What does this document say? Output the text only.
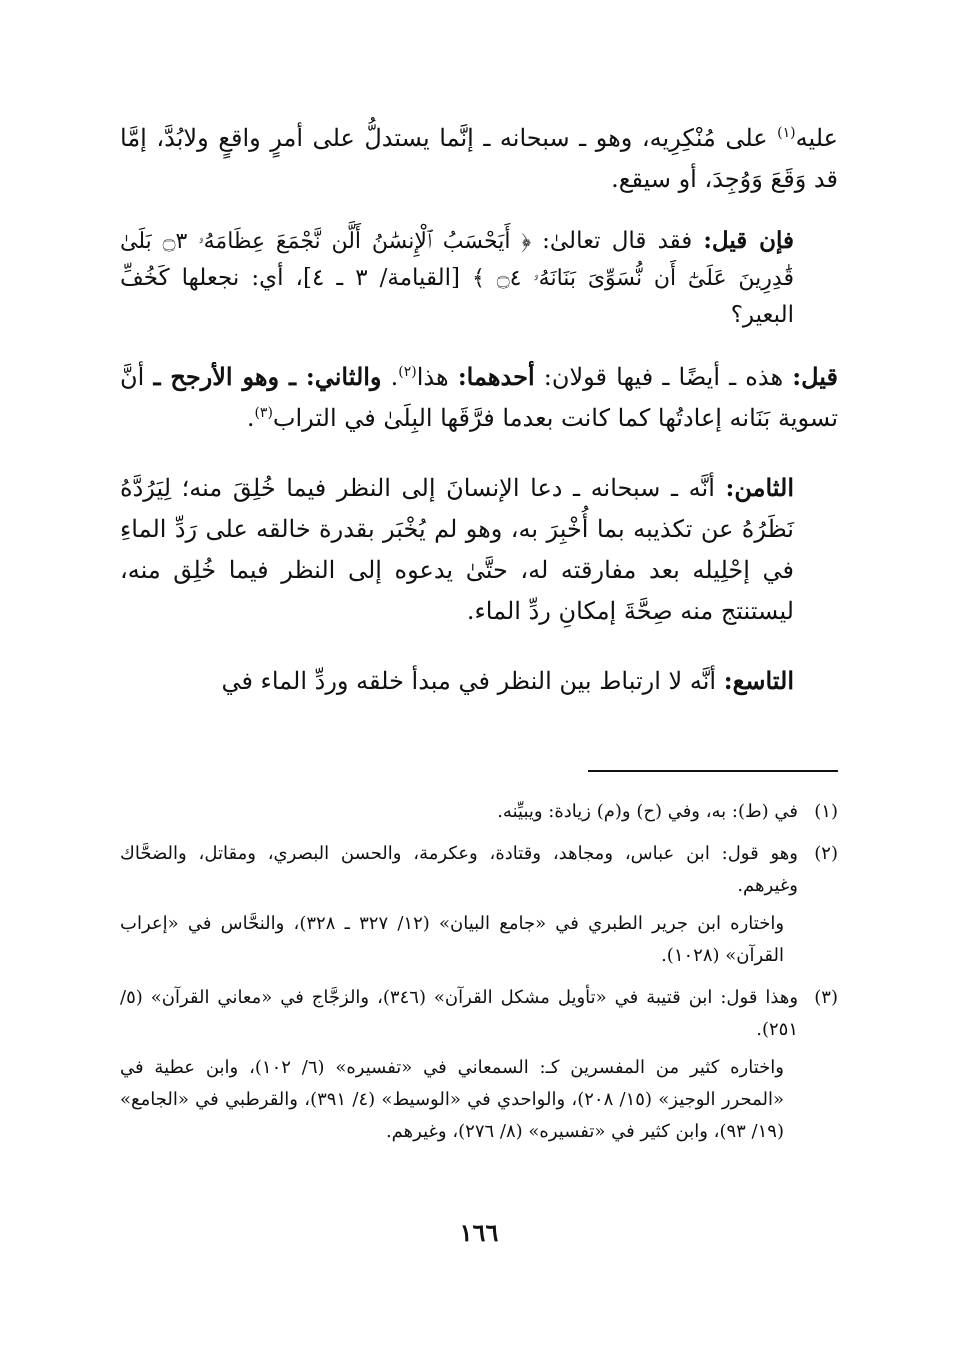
عليه$^{(١)}$ على مُنْكِرِيه، وهو ـ سبحانه ـ إنَّما يستدلُّ على أمرٍ واقعٍ ولابُدَّ، إمَّا قد وَقَعَ وَوُجِدَ، أو سيقع.

فإن قيل: فقد قال تعالىٰ: ﴿ أَيَحْسَبُ ٱلْإِنسَٰنُ أَلَّن نَّجْمَعَ عِظَامَهُۥ ۝٣ بَلَىٰ قَٰدِرِينَ عَلَىٰٓ أَن نُّسَوِّىَ بَنَانَهُۥ ۝٤ ﴾ [القيامة/ ٣ ـ ٤]، أي: نجعلها كَخُفِّ البعير؟

قيل: هذه ـ أيضًا ـ فيها قولان: أحدهما: هذا$^{(٢)}$. والثاني: ـ وهو الأرجح ـ أنَّ تسوية بَنَانه إعادتُها كما كانت بعدما فرَّقَها البِلَىٰ في التراب$^{(٣)}$.

الثامن: أنَّه ـ سبحانه ـ دعا الإنسانَ إلى النظر فيما خُلِقَ منه؛ لِيَرُدَّهُ نَظَرُهُ عن تكذيبه بما أُخْبِرَ به، وهو لم يُخْبَر بقدرة خالقه على رَدِّ الماءِ في إحْلِيله بعد مفارقته له، حتَّىٰ يدعوه إلى النظر فيما خُلِق منه، ليستنتج منه صِحَّةَ إمكانِ ردِّ الماء.

التاسع: أنَّه لا ارتباط بين النظر في مبدأ خلقه وردِّ الماء في

(١)

في (ط): به، وفي (ح) و(م) زيادة: ويبيِّنه.

(٢)

وهو قول: ابن عباس، ومجاهد، وقتادة، وعكرمة، والحسن البصري، ومقاتل، والضحَّاك وغيرهم.

واختاره ابن جرير الطبري في «جامع البيان» (١٢/ ٣٢٧ ـ ٣٢٨)، والنحَّاس في «إعراب القرآن» (١٠٢٨).

(٣)

وهذا قول: ابن قتيبة في «تأويل مشكل القرآن» (٣٤٦)، والزجَّاج في «معاني القرآن» (٥/ ٢٥١).

واختاره كثير من المفسرين كـ: السمعاني في «تفسيره» (٦/ ١٠٢)، وابن عطية في «المحرر الوجيز» (١٥/ ٢٠٨)، والواحدي في «الوسيط» (٤/ ٣٩١)، والقرطبي في «الجامع» (١٩/ ٩٣)، وابن كثير في «تفسيره» (٨/ ٢٧٦)، وغيرهم.

١٦٦
